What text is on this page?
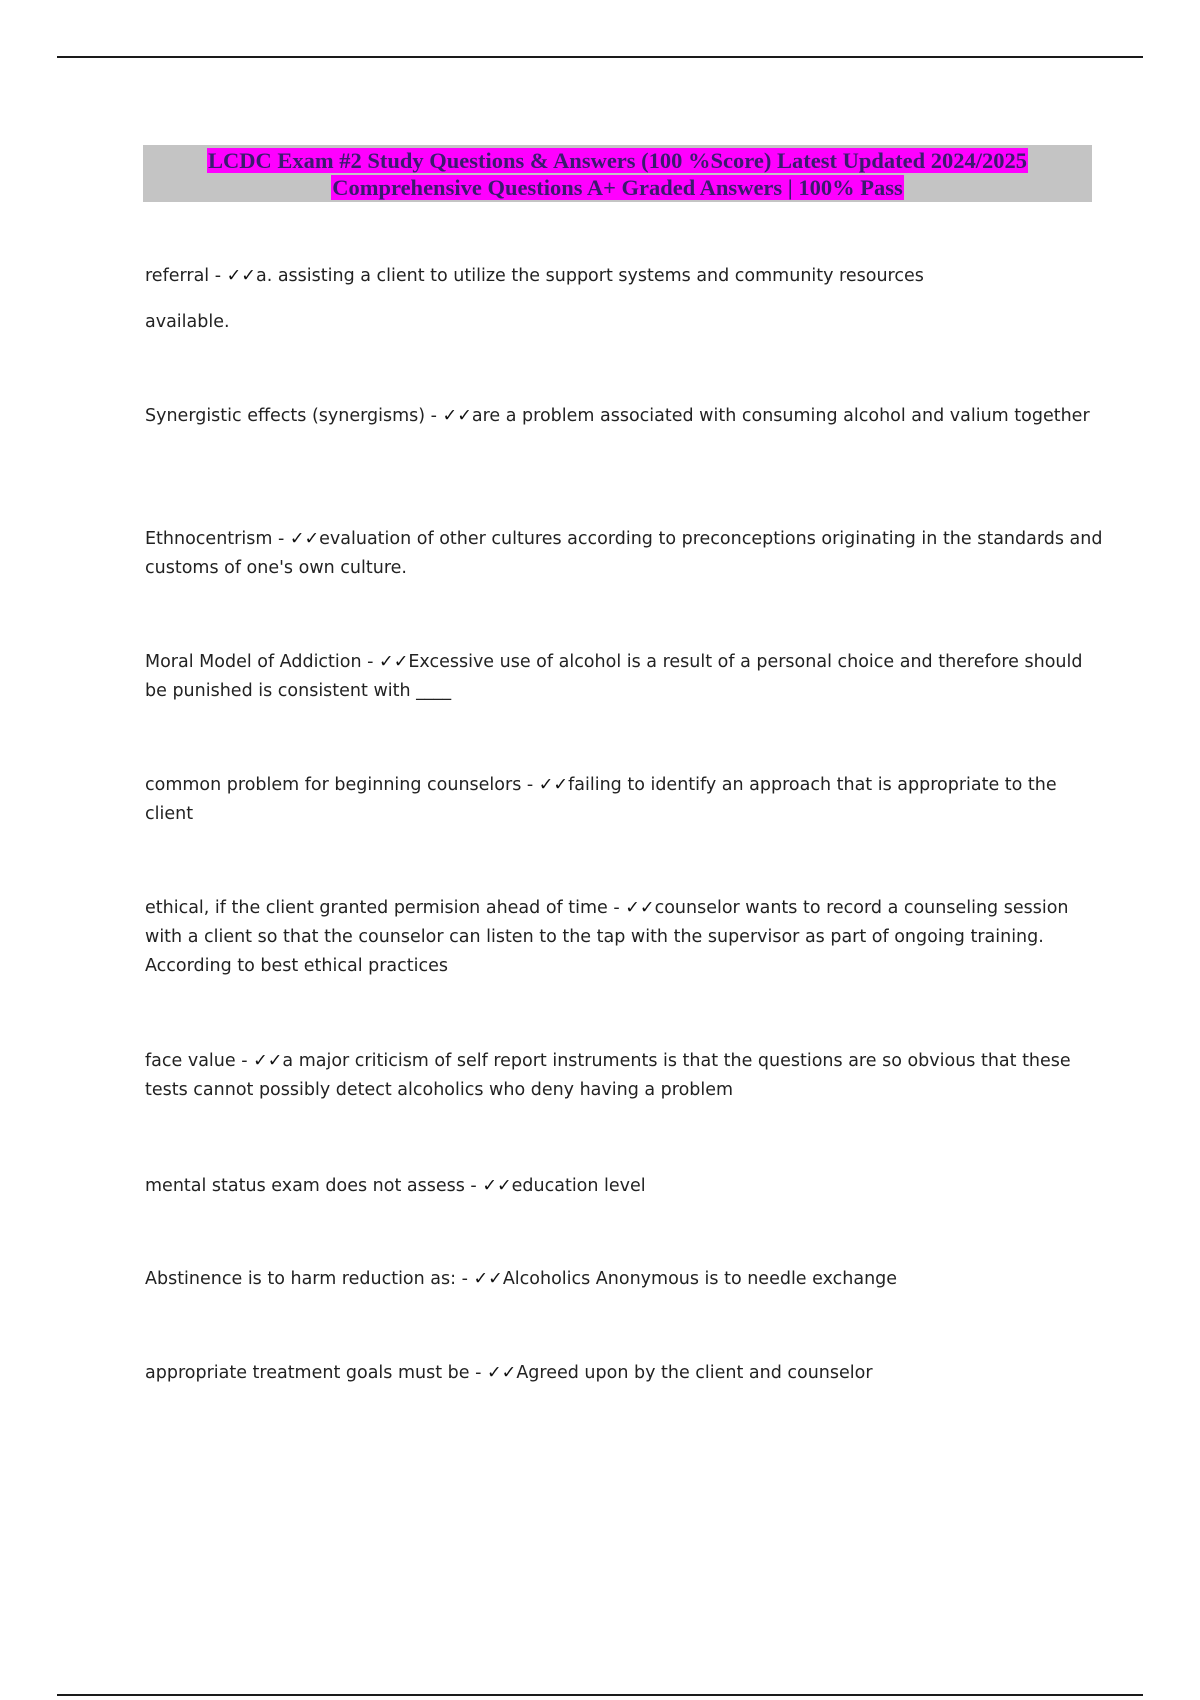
LCDC Exam #2 Study Questions & Answers (100 %Score) Latest Updated 2024/2025
Comprehensive Questions A+ Graded Answers | 100% Pass

referral - ✓✓a. assisting a client to utilize the support systems and community resources
available.

Synergistic effects (synergisms) - ✓✓are a problem associated with consuming alcohol and valium together

Ethnocentrism - ✓✓evaluation of other cultures according to preconceptions originating in the standards and customs of one's own culture.

Moral Model of Addiction - ✓✓Excessive use of alcohol is a result of a personal choice and therefore should be punished is consistent with ____

common problem for beginning counselors - ✓✓failing to identify an approach that is appropriate to the client

ethical, if the client granted permision ahead of time - ✓✓counselor wants to record a counseling session with a client so that the counselor can listen to the tap with the supervisor as part of ongoing training. According to best ethical practices

face value - ✓✓a major criticism of self report instruments is that the questions are so obvious that these tests cannot possibly detect alcoholics who deny having a problem

mental status exam does not assess - ✓✓education level

Abstinence is to harm reduction as: - ✓✓Alcoholics Anonymous is to needle exchange

appropriate treatment goals must be - ✓✓Agreed upon by the client and counselor
